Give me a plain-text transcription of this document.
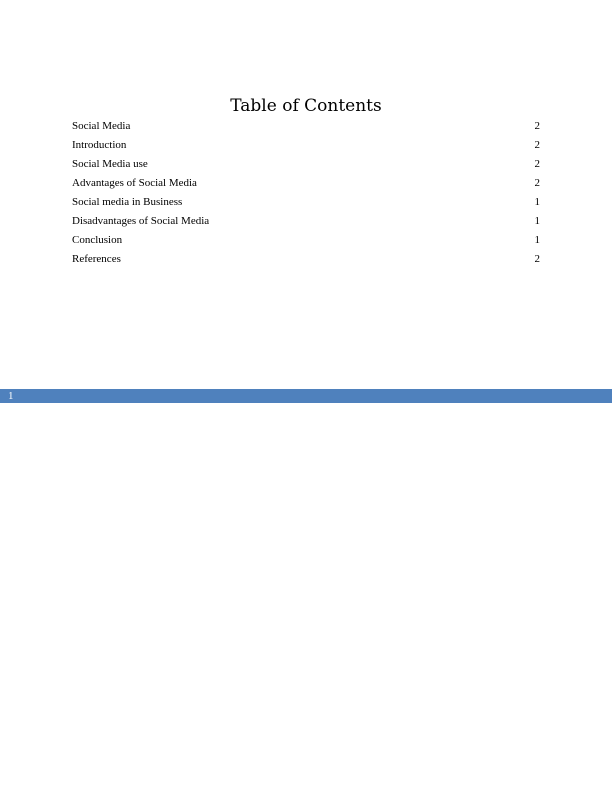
Table of Contents
Social Media	2
Introduction	2
Social Media use	2
Advantages of Social Media	2
Social media in Business	1
Disadvantages of Social Media	1
Conclusion	1
References	2
1
